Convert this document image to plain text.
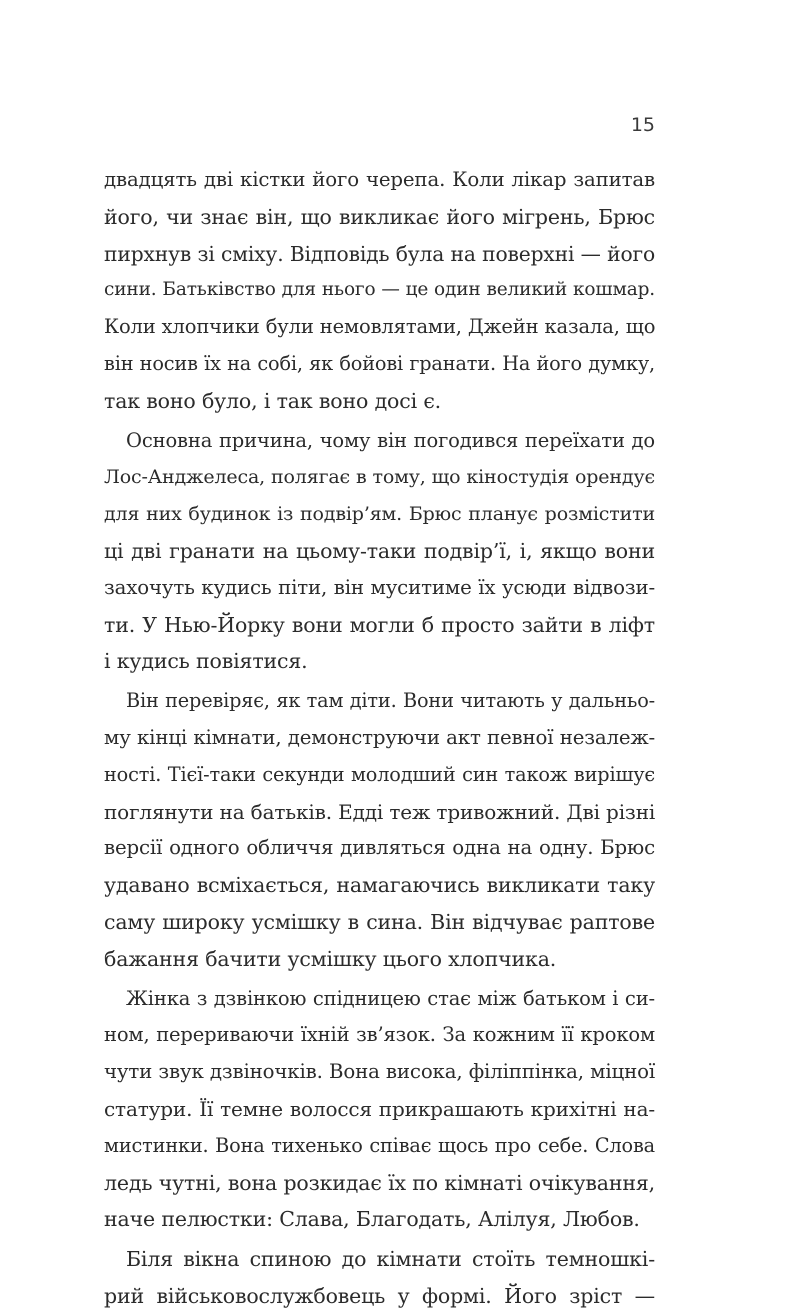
15
двадцять дві кістки його черепа. Коли лікар запитав
його, чи знає він, що викликає його мігрень, Брюс
пирхнув зі сміху. Відповідь була на поверхні — його
сини. Батьківство для нього — це один великий кошмар.
Коли хлопчики були немовлятами, Джейн казала, що
він носив їх на собі, як бойові гранати. На його думку,
так воно було, і так воно досі є.
Основна причина, чому він погодився переїхати до
Лос-Анджелеса, полягає в тому, що кіностудія орендує
для них будинок із подвір’ям. Брюс планує розмістити
ці дві гранати на цьому-таки подвір’ї, і, якщо вони
захочуть кудись піти, він муситиме їх усюди відвози-
ти. У Нью-Йорку вони могли б просто зайти в ліфт
і кудись повіятися.
Він перевіряє, як там діти. Вони читають у дальньо-
му кінці кімнати, демонструючи акт певної незалеж-
ності. Тієї-таки секунди молодший син також вирішує
поглянути на батьків. Едді теж тривожний. Дві різні
версії одного обличчя дивляться одна на одну. Брюс
удавано всміхається, намагаючись викликати таку
саму широку усмішку в сина. Він відчуває раптове
бажання бачити усмішку цього хлопчика.
Жінка з дзвінкою спідницею стає між батьком і си-
ном, перериваючи їхній зв’язок. За кожним її кроком
чути звук дзвіночків. Вона висока, філіппінка, міцної
статури. Її темне волосся прикрашають крихітні на-
мистинки. Вона тихенько співає щось про себе. Слова
ледь чутні, вона розкидає їх по кімнаті очікування,
наче пелюстки: Слава, Благодать, Алілуя, Любов.
Біля вікна спиною до кімнати стоїть темношкі-
рий військовослужбовець у формі. Його зріст —
